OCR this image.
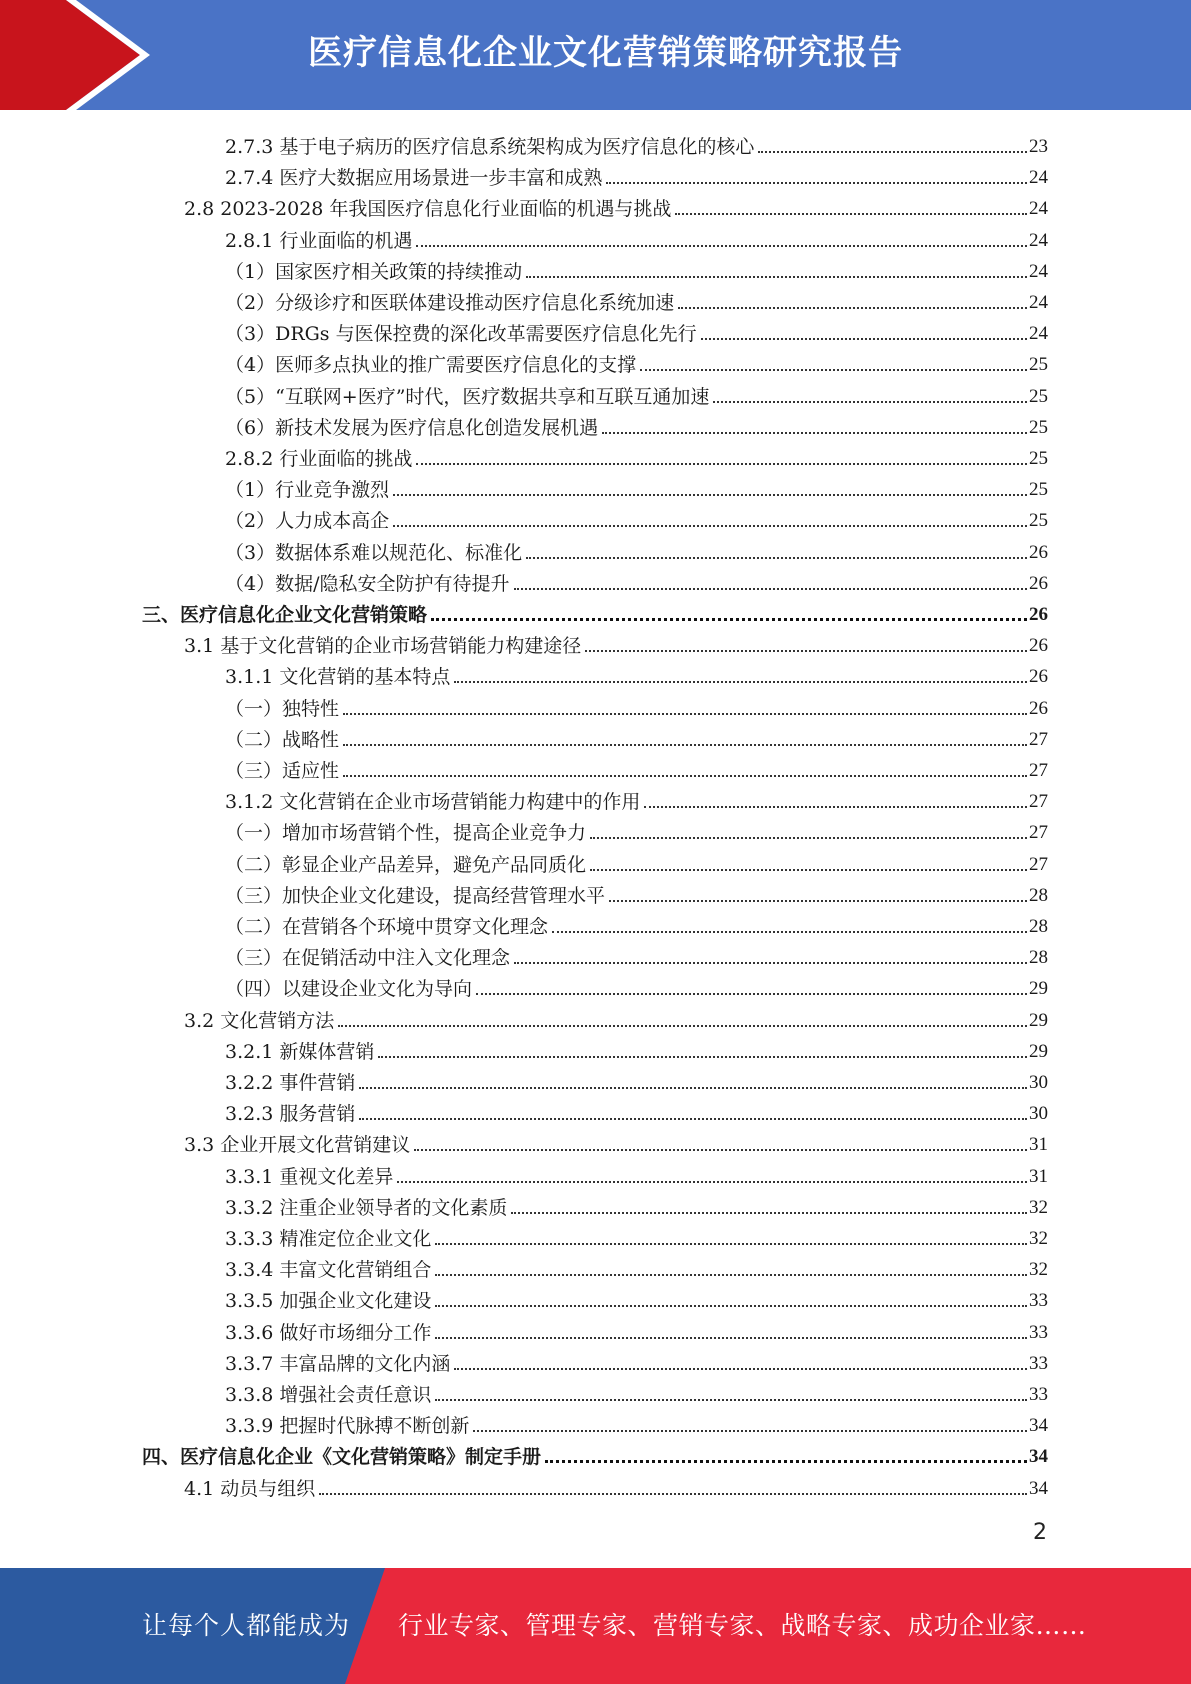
医疗信息化企业文化营销策略研究报告
2.7.3 基于电子病历的医疗信息系统架构成为医疗信息化的核心	23
2.7.4 医疗大数据应用场景进一步丰富和成熟	24
2.8 2023-2028 年我国医疗信息化行业面临的机遇与挑战	24
2.8.1 行业面临的机遇	24
（1）国家医疗相关政策的持续推动	24
（2）分级诊疗和医联体建设推动医疗信息化系统加速	24
（3）DRGs 与医保控费的深化改革需要医疗信息化先行	24
（4）医师多点执业的推广需要医疗信息化的支撑	25
（5）“互联网+医疗”时代，医疗数据共享和互联互通加速	25
（6）新技术发展为医疗信息化创造发展机遇	25
2.8.2 行业面临的挑战	25
（1）行业竞争激烈	25
（2）人力成本高企	25
（3）数据体系难以规范化、标准化	26
（4）数据/隐私安全防护有待提升	26
三、医疗信息化企业文化营销策略	26
3.1 基于文化营销的企业市场营销能力构建途径	26
3.1.1 文化营销的基本特点	26
（一）独特性	26
（二）战略性	27
（三）适应性	27
3.1.2 文化营销在企业市场营销能力构建中的作用	27
（一）增加市场营销个性，提高企业竞争力	27
（二）彰显企业产品差异，避免产品同质化	27
（三）加快企业文化建设，提高经营管理水平	28
（二）在营销各个环境中贯穿文化理念	28
（三）在促销活动中注入文化理念	28
（四）以建设企业文化为导向	29
3.2 文化营销方法	29
3.2.1 新媒体营销	29
3.2.2 事件营销	30
3.2.3 服务营销	30
3.3 企业开展文化营销建议	31
3.3.1 重视文化差异	31
3.3.2 注重企业领导者的文化素质	32
3.3.3 精准定位企业文化	32
3.3.4 丰富文化营销组合	32
3.3.5 加强企业文化建设	33
3.3.6 做好市场细分工作	33
3.3.7 丰富品牌的文化内涵	33
3.3.8 增强社会责任意识	33
3.3.9 把握时代脉搏不断创新	34
四、医疗信息化企业《文化营销策略》制定手册	34
4.1 动员与组织	34
2
让每个人都能成为 行业专家、管理专家、营销专家、战略专家、成功企业家……
